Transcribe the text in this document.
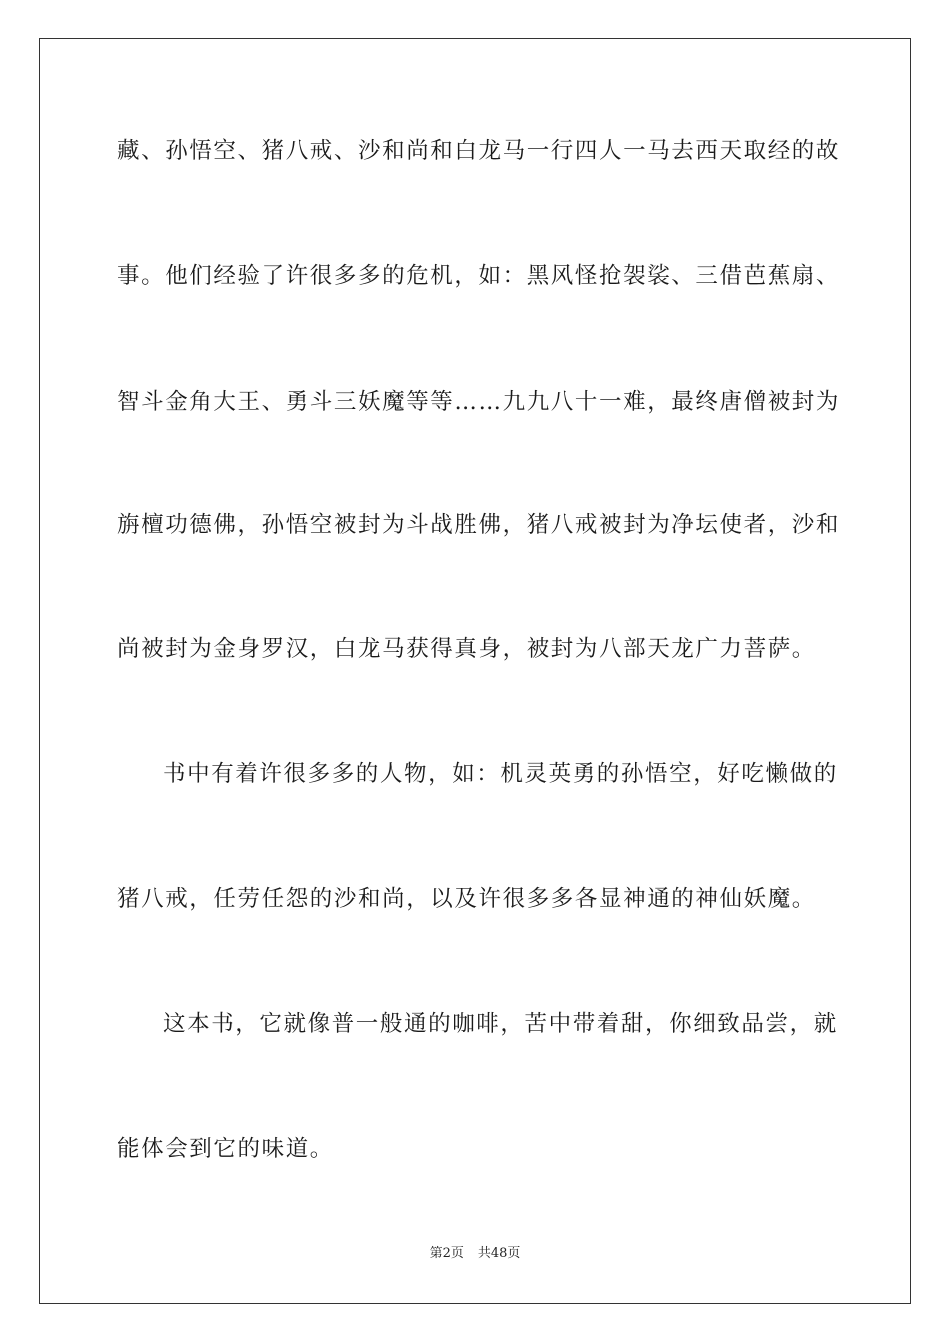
藏、孙悟空、猪八戒、沙和尚和白龙马一行四人一马去西天取经的故
事。他们经验了许很多多的危机，如：黑风怪抢袈裟、三借芭蕉扇、
智斗金角大王、勇斗三妖魔等等……九九八十一难，最终唐僧被封为
旃檀功德佛，孙悟空被封为斗战胜佛，猪八戒被封为净坛使者，沙和
尚被封为金身罗汉，白龙马获得真身，被封为八部天龙广力菩萨。
书中有着许很多多的人物，如：机灵英勇的孙悟空，好吃懒做的
猪八戒，任劳任怨的沙和尚，以及许很多多各显神通的神仙妖魔。
这本书，它就像普一般通的咖啡，苦中带着甜，你细致品尝，就
能体会到它的味道。
第2页 共48页
